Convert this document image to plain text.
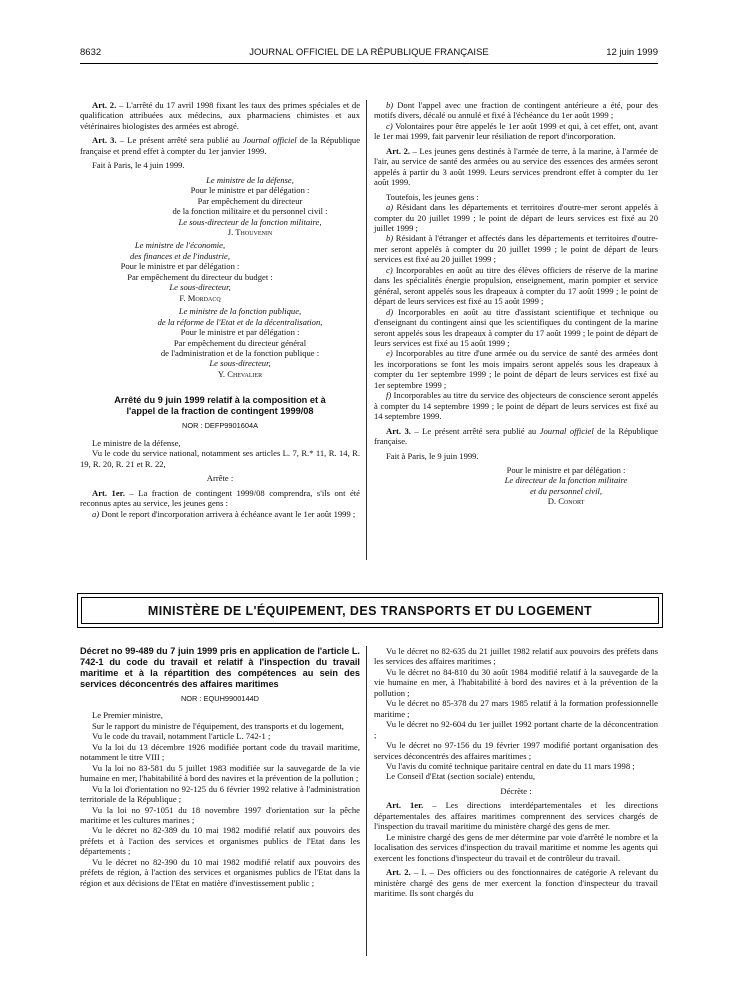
8632	JOURNAL OFFICIEL DE LA RÉPUBLIQUE FRANÇAISE	12 juin 1999

Art. 2. – L'arrêté du 17 avril 1998 fixant les taux des primes spéciales et de qualification attribuées aux médecins, aux pharmaciens chimistes et aux vétérinaires biologistes des armées est abrogé.

Art. 3. – Le présent arrêté sera publié au Journal officiel de la République française et prend effet à compter du 1er janvier 1999.

Fait à Paris, le 4 juin 1999.

Le ministre de la défense,

Pour le ministre et par délégation :

Par empêchement du directeur

de la fonction militaire et du personnel civil :

Le sous-directeur de la fonction militaire,

J. Thouvenin

Le ministre de l'économie,

des finances et de l'industrie,

Pour le ministre et par délégation :

Par empêchement du directeur du budget :

Le sous-directeur,

F. Mordacq

Le ministre de la fonction publique,

de la réforme de l'Etat et de la décentralisation,

Pour le ministre et par délégation :

Par empêchement du directeur général

de l'administration et de la fonction publique :

Le sous-directeur,

Y. Chevalier

Arrêté du 9 juin 1999 relatif à la composition et à l'appel de la fraction de contingent 1999/08
NOR : DEFP9901604A

Le ministre de la défense,

Vu le code du service national, notamment ses articles L. 7, R.* 11, R. 14, R. 19, R. 20, R. 21 et R. 22,

Arrête :

Art. 1er. – La fraction de contingent 1999/08 comprendra, s'ils ont été reconnus aptes au service, les jeunes gens :

a) Dont le report d'incorporation arrivera à échéance avant le 1er août 1999 ;

b) Dont l'appel avec une fraction de contingent antérieure a été, pour des motifs divers, décalé ou annulé et fixé à l'échéance du 1er août 1999 ;

c) Volontaires pour être appelés le 1er août 1999 et qui, à cet effet, ont, avant le 1er mai 1999, fait parvenir leur résiliation de report d'incorporation.

Art. 2. – Les jeunes gens destinés à l'armée de terre, à la marine, à l'armée de l'air, au service de santé des armées ou au service des essences des armées seront appelés à partir du 3 août 1999. Leurs services prendront effet à compter du 1er août 1999.

Toutefois, les jeunes gens :

a) Résidant dans les départements et territoires d'outre-mer seront appelés à compter du 20 juillet 1999 ; le point de départ de leurs services est fixé au 20 juillet 1999 ;

b) Résidant à l'étranger et affectés dans les départements et territoires d'outre-mer seront appelés à compter du 20 juillet 1999 ; le point de départ de leurs services est fixé au 20 juillet 1999 ;

c) Incorporables en août au titre des élèves officiers de réserve de la marine dans les spécialités énergie propulsion, enseignement, marin pompier et service général, seront appelés sous les drapeaux à compter du 17 août 1999 ; le point de départ de leurs services est fixé au 15 août 1999 ;

d) Incorporables en août au titre d'assistant scientifique et technique ou d'enseignant du contingent ainsi que les scientifiques du contingent de la marine seront appelés sous les drapeaux à compter du 17 août 1999 ; le point de départ de leurs services est fixé au 15 août 1999 ;

e) Incorporables au titre d'une armée ou du service de santé des armées dont les incorporations se font les mois impairs seront appelés sous les drapeaux à compter du 1er septembre 1999 ; le point de départ de leurs services est fixé au 1er septembre 1999 ;

f) Incorporables au titre du service des objecteurs de conscience seront appelés à compter du 14 septembre 1999 ; le point de départ de leurs services est fixé au 14 septembre 1999.

Art. 3. – Le présent arrêté sera publié au Journal officiel de la République française.

Fait à Paris, le 9 juin 1999.

Pour le ministre et par délégation :

Le directeur de la fonction militaire

et du personnel civil,

D. Conort

MINISTÈRE DE L'ÉQUIPEMENT, DES TRANSPORTS ET DU LOGEMENT
Décret no 99-489 du 7 juin 1999 pris en application de l'article L. 742-1 du code du travail et relatif à l'inspection du travail maritime et à la répartition des compétences au sein des services déconcentrés des affaires maritimes
NOR : EQUH9900144D

Le Premier ministre,

Sur le rapport du ministre de l'équipement, des transports et du logement,

Vu le code du travail, notamment l'article L. 742-1 ;

Vu la loi du 13 décembre 1926 modifiée portant code du travail maritime, notamment le titre VIII ;

Vu la loi no 83-581 du 5 juillet 1983 modifiée sur la sauvegarde de la vie humaine en mer, l'habitabilité à bord des navires et la prévention de la pollution ;

Vu la loi d'orientation no 92-125 du 6 février 1992 relative à l'administration territoriale de la République ;

Vu la loi no 97-1051 du 18 novembre 1997 d'orientation sur la pêche maritime et les cultures marines ;

Vu le décret no 82-389 du 10 mai 1982 modifié relatif aux pouvoirs des préfets et à l'action des services et organismes publics de l'Etat dans les départements ;

Vu le décret no 82-390 du 10 mai 1982 modifié relatif aux pouvoirs des préfets de région, à l'action des services et organismes publics de l'Etat dans la région et aux décisions de l'Etat en matière d'investissement public ;

Vu le décret no 82-635 du 21 juillet 1982 relatif aux pouvoirs des préfets dans les services des affaires maritimes ;

Vu le décret no 84-810 du 30 août 1984 modifié relatif à la sauvegarde de la vie humaine en mer, à l'habitabilité à bord des navires et à la prévention de la pollution ;

Vu le décret no 85-378 du 27 mars 1985 relatif à la formation professionnelle maritime ;

Vu le décret no 92-604 du 1er juillet 1992 portant charte de la déconcentration ;

Vu le décret no 97-156 du 19 février 1997 modifié portant organisation des services déconcentrés des affaires maritimes ;

Vu l'avis du comité technique paritaire central en date du 11 mars 1998 ;

Le Conseil d'Etat (section sociale) entendu,

Décrète :

Art. 1er. – Les directions interdépartementales et les directions départementales des affaires maritimes comprennent des services chargés de l'inspection du travail maritime du ministère chargé des gens de mer.

Le ministre chargé des gens de mer détermine par voie d'arrêté le nombre et la localisation des services d'inspection du travail maritime et nomme les agents qui exercent les fonctions d'inspecteur du travail et de contrôleur du travail.

Art. 2. – I. – Des officiers ou des fonctionnaires de catégorie A relevant du ministère chargé des gens de mer exercent la fonction d'inspecteur du travail maritime. Ils sont chargés du
